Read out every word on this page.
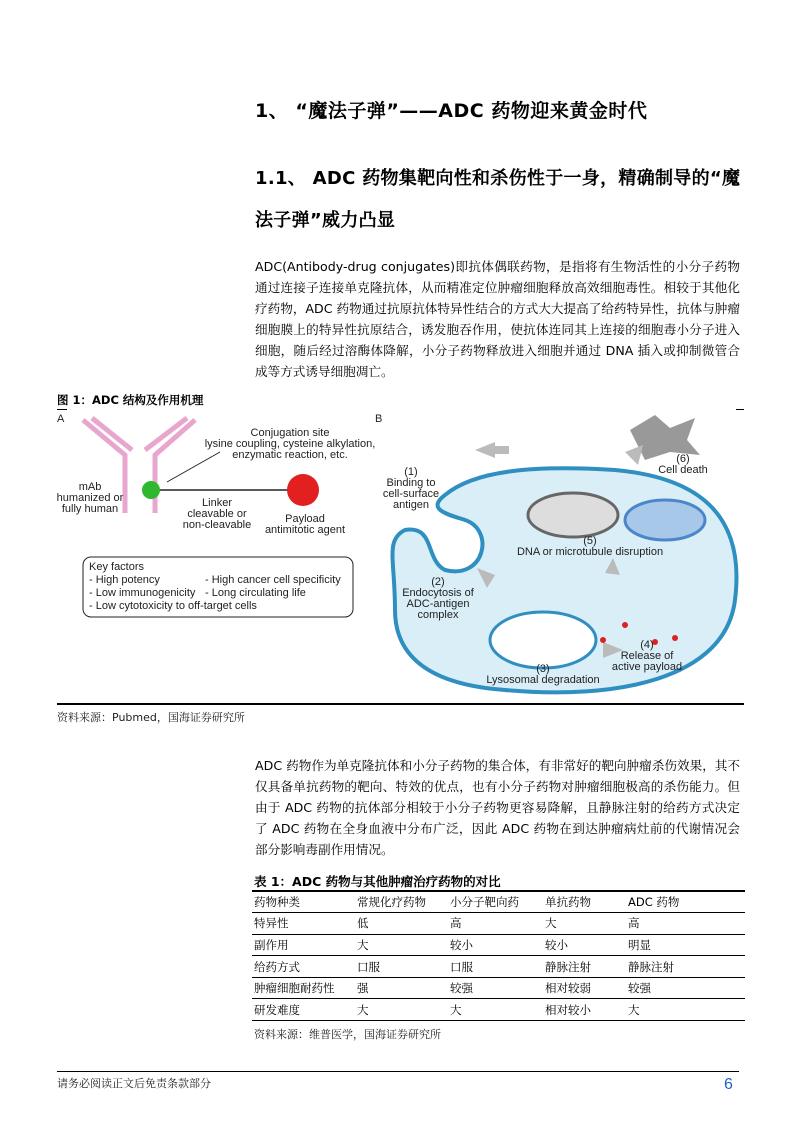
1、 “魔法子弹”——ADC 药物迎来黄金时代
1.1、 ADC 药物集靶向性和杀伤性于一身，精确制导的“魔法子弹”威力凸显
ADC(Antibody-drug conjugates)即抗体偶联药物，是指将有生物活性的小分子药物通过连接子连接单克隆抗体，从而精准定位肿瘤细胞释放高效细胞毒性。相较于其他化疗药物，ADC 药物通过抗原抗体特异性结合的方式大大提高了给药特异性，抗体与肿瘤细胞膜上的特异性抗原结合，诱发胞吞作用，使抗体连同其上连接的细胞毒小分子进入细胞，随后经过溶酶体降解，小分子药物释放进入细胞并通过 DNA 插入或抑制微管合成等方式诱导细胞凋亡。
图 1：ADC 结构及作用机理
A
Conjugation site
lysine coupling, cysteine alkylation,
enzymatic reaction, etc.
mAb
humanized or
fully human	Linker
cleavable or
non-cleavable	Payload
antimitotic agent
Key factors
- High potency	- High cancer cell specificity
- Low immunogenicity - Long circulating life
- Low cytotoxicity to off-target cells
B
(1)
Binding to
cell-surface
antigen
(2)
Endocytosis of
ADC-antigen
complex
(3)
Lysosomal degradation
(4)
Release of
active payload
(5)
DNA or microtubule disruption
(6)
Cell death
资料来源：Pubmed，国海证券研究所
ADC 药物作为单克隆抗体和小分子药物的集合体，有非常好的靶向肿瘤杀伤效果，其不仅具备单抗药物的靶向、特效的优点，也有小分子药物对肿瘤细胞极高的杀伤能力。但由于 ADC 药物的抗体部分相较于小分子药物更容易降解，且静脉注射的给药方式决定了 ADC 药物在全身血液中分布广泛，因此 ADC 药物在到达肿瘤病灶前的代谢情况会部分影响毒副作用情况。
表 1：ADC 药物与其他肿瘤治疗药物的对比
药物种类	常规化疗药物	小分子靶向药	单抗药物	ADC 药物
特异性	低	高	大	高
副作用	大	较小	较小	明显
给药方式	口服	口服	静脉注射	静脉注射
肿瘤细胞耐药性	强	较强	相对较弱	较强
研发难度	大	大	相对较小	大
资料来源：维普医学，国海证券研究所
请务必阅读正文后免责条款部分	6
